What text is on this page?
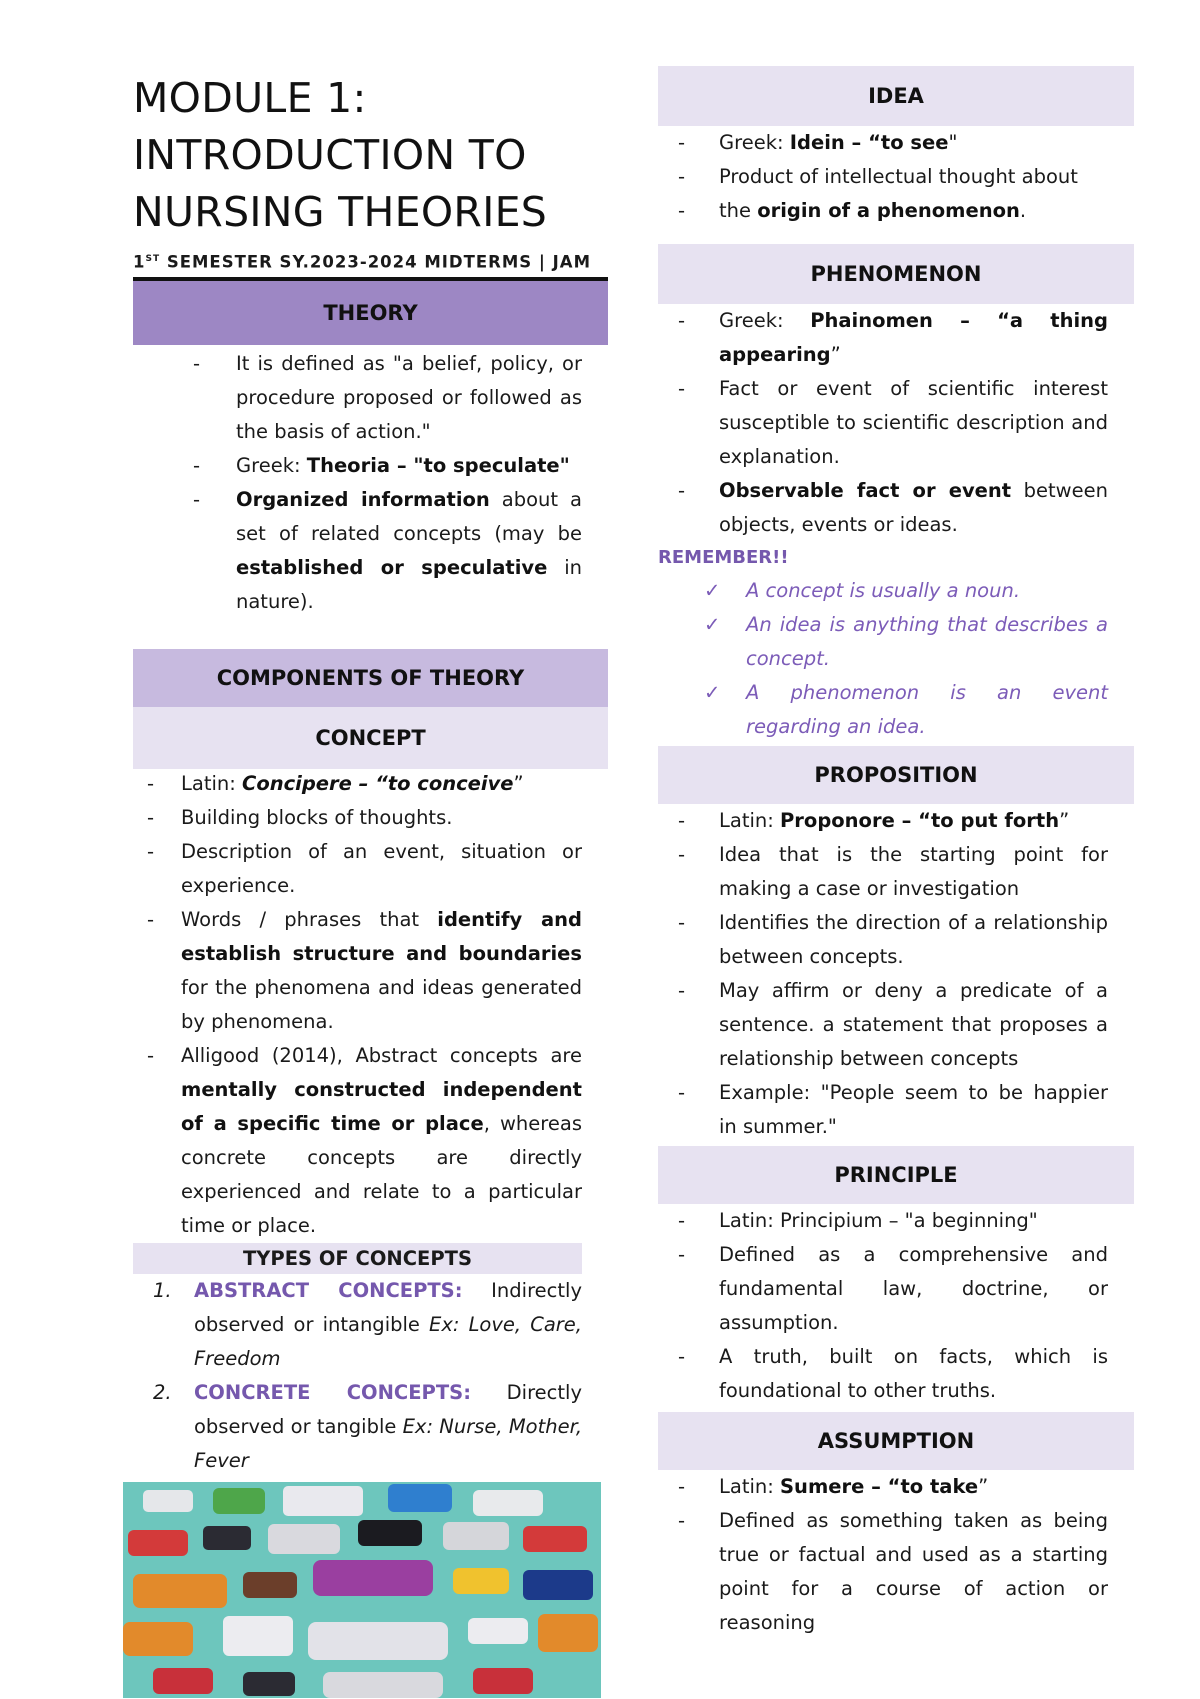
MODULE 1:
INTRODUCTION TO
NURSING THEORIES
1ST SEMESTER SY.2023-2024 MIDTERMS | JAM
THEORY
- It is defined as "a belief, policy, or procedure proposed or followed as the basis of action."
- Greek: Theoria – "to speculate"
- Organized information about a set of related concepts (may be established or speculative in nature).
COMPONENTS OF THEORY
CONCEPT
- Latin: Concipere – “to conceive”
- Building blocks of thoughts.
- Description of an event, situation or experience.
- Words / phrases that identify and establish structure and boundaries for the phenomena and ideas generated by phenomena.
- Alligood (2014), Abstract concepts are mentally constructed independent of a specific time or place, whereas concrete concepts are directly experienced and relate to a particular time or place.
TYPES OF CONCEPTS
1. ABSTRACT CONCEPTS: Indirectly observed or intangible Ex: Love, Care, Freedom
2. CONCRETE CONCEPTS: Directly observed or tangible Ex: Nurse, Mother, Fever
IDEA
- Greek: Idein – “to see"
- Product of intellectual thought about
- the origin of a phenomenon.
PHENOMENON
- Greek: Phainomen – “a thing appearing”
- Fact or event of scientific interest susceptible to scientific description and explanation.
- Observable fact or event between objects, events or ideas.
REMEMBER!!
✓ A concept is usually a noun.
✓ An idea is anything that describes a concept.
✓ A phenomenon is an event regarding an idea.
PROPOSITION
- Latin: Proponore – “to put forth”
- Idea that is the starting point for making a case or investigation
- Identifies the direction of a relationship between concepts.
- May affirm or deny a predicate of a sentence. a statement that proposes a relationship between concepts
- Example: "People seem to be happier in summer."
PRINCIPLE
- Latin: Principium – "a beginning"
- Defined as a comprehensive and fundamental law, doctrine, or assumption.
- A truth, built on facts, which is foundational to other truths.
ASSUMPTION
- Latin: Sumere – “to take”
- Defined as something taken as being true or factual and used as a starting point for a course of action or reasoning
